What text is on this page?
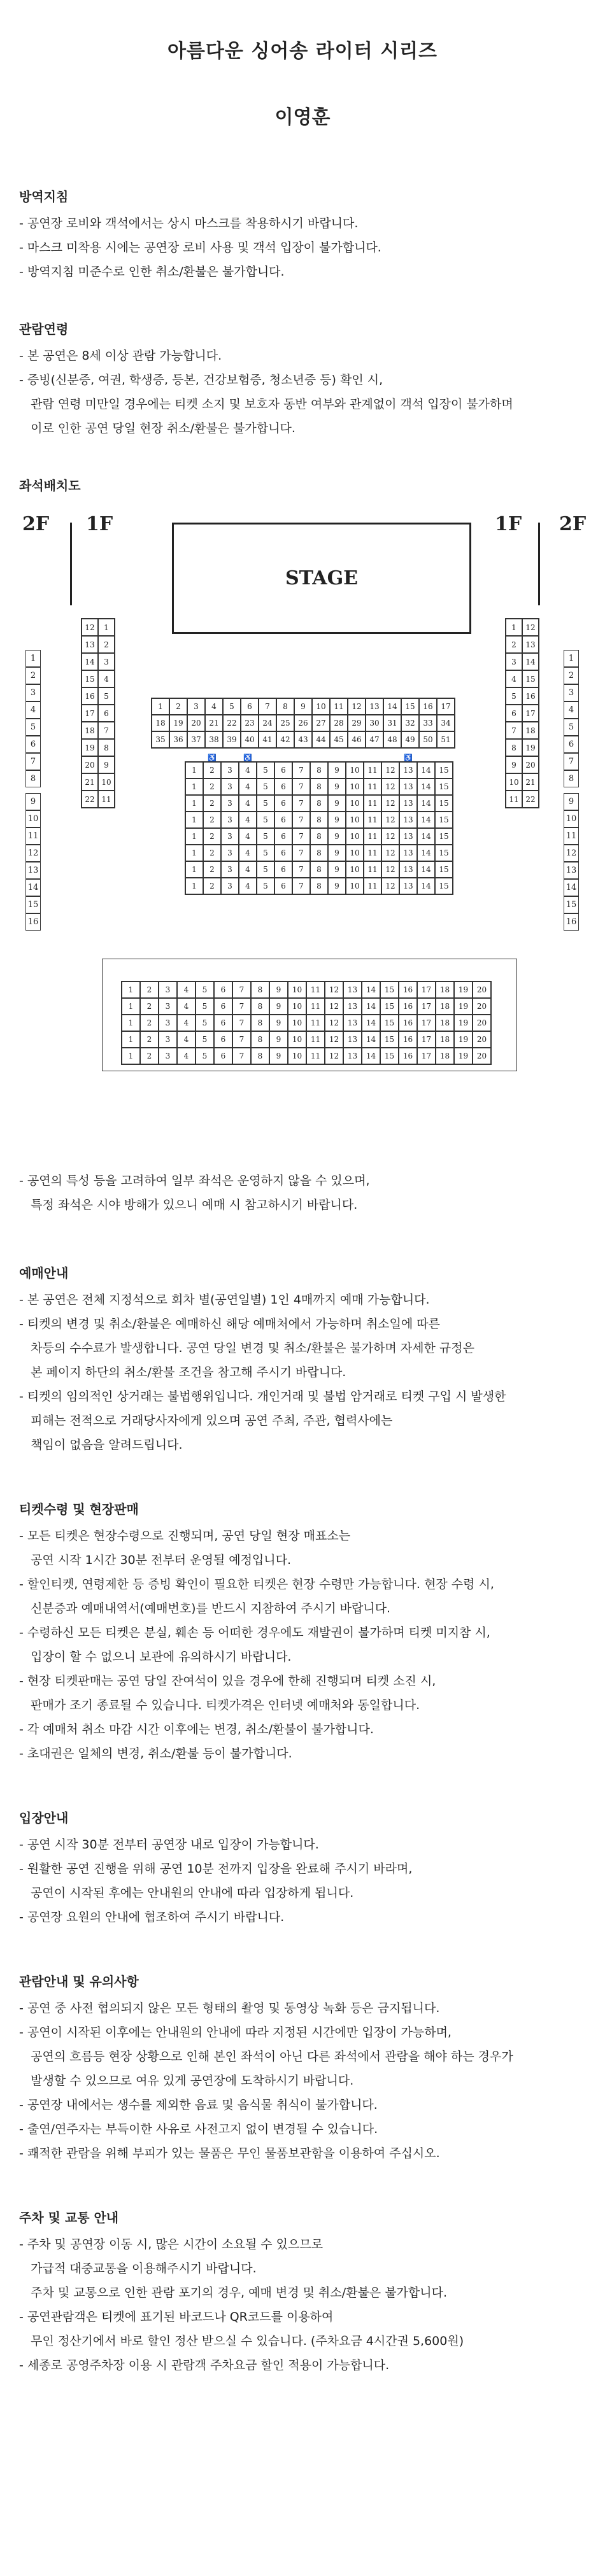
아름다운 싱어송 라이터 시리즈
이영훈
방역지침
- 공연장 로비와 객석에서는 상시 마스크를 착용하시기 바랍니다.
- 마스크 미착용 시에는 공연장 로비 사용 및 객석 입장이 불가합니다.
- 방역지침 미준수로 인한 취소/환불은 불가합니다.
관람연령
- 본 공연은 8세 이상 관람 가능합니다.
- 증빙(신분증, 여권, 학생증, 등본, 건강보험증, 청소년증 등) 확인 시,
관람 연령 미만일 경우에는 티켓 소지 및 보호자 동반 여부와 관계없이 객석 입장이 불가하며
이로 인한 공연 당일 현장 취소/환불은 불가합니다.
좌석배치도
2F 1F	1F 2F
STAGE
1
2
3
4
5
6
7
8
9
10
11
12
13
14
15
16
1
2
3
4
5
6
7
8
9
10
11
12
13
14
15
16
12	1
13	2
14	3
15	4
16	5
17	6
18	7
19	8
20	9
21 10
22 11
1	12
2	13
3	14
4	15
5	16
6	17
7	18
8	19
9	20
10 21
11 22
1	2	3	4	5	6	7	8	9	10	11	12	13	14	15	16	17
18	19	20	21	22	23	24	25	26	27	28	29	30	31	32	33	34
35	36	37	38	39	40	41	42	43	44	45	46	47	48	49	50	51
1	♿ 2	3	♿ 4	5	6	7	8	9	10	11	12	♿ 13	14	15
1	2	3	4	5	6	7	8	9	10	11	12	13	14	15
1	2	3	4	5	6	7	8	9	10	11	12	13	14	15
1	2	3	4	5	6	7	8	9	10	11	12	13	14	15
1	2	3	4	5	6	7	8	9	10	11	12	13	14	15
1	2	3	4	5	6	7	8	9	10	11	12	13	14	15
1	2	3	4	5	6	7	8	9	10	11	12	13	14	15
1	2	3	4	5	6	7	8	9	10	11	12	13	14	15
1	2	3	4	5	6	7	8	9	10	11	12	13	14	15	16	17	18	19	20
1	2	3	4	5	6	7	8	9	10	11	12	13	14	15	16	17	18	19	20
1	2	3	4	5	6	7	8	9	10	11	12	13	14	15	16	17	18	19	20
1	2	3	4	5	6	7	8	9	10	11	12	13	14	15	16	17	18	19	20
1	2	3	4	5	6	7	8	9	10	11	12	13	14	15	16	17	18	19	20
- 공연의 특성 등을 고려하여 일부 좌석은 운영하지 않을 수 있으며,
특정 좌석은 시야 방해가 있으니 예매 시 참고하시기 바랍니다.
예매안내
- 본 공연은 전체 지정석으로 회차 별(공연일별) 1인 4매까지 예매 가능합니다.
- 티켓의 변경 및 취소/환불은 예매하신 해당 예매처에서 가능하며 취소일에 따른
차등의 수수료가 발생합니다. 공연 당일 변경 및 취소/환불은 불가하며 자세한 규정은
본 페이지 하단의 취소/환불 조건을 참고해 주시기 바랍니다.
- 티켓의 임의적인 상거래는 불법행위입니다. 개인거래 및 불법 암거래로 티켓 구입 시 발생한
피해는 전적으로 거래당사자에게 있으며 공연 주최, 주관, 협력사에는
책임이 없음을 알려드립니다.
티켓수령 및 현장판매
- 모든 티켓은 현장수령으로 진행되며, 공연 당일 현장 매표소는
공연 시작 1시간 30분 전부터 운영될 예정입니다.
- 할인티켓, 연령제한 등 증빙 확인이 필요한 티켓은 현장 수령만 가능합니다. 현장 수령 시,
신분증과 예매내역서(예매번호)를 반드시 지참하여 주시기 바랍니다.
- 수령하신 모든 티켓은 분실, 훼손 등 어떠한 경우에도 재발권이 불가하며 티켓 미지참 시,
입장이 할 수 없으니 보관에 유의하시기 바랍니다.
- 현장 티켓판매는 공연 당일 잔여석이 있을 경우에 한해 진행되며 티켓 소진 시,
판매가 조기 종료될 수 있습니다. 티켓가격은 인터넷 예매처와 동일합니다.
- 각 예매처 취소 마감 시간 이후에는 변경, 취소/환불이 불가합니다.
- 초대권은 일체의 변경, 취소/환불 등이 불가합니다.
입장안내
- 공연 시작 30분 전부터 공연장 내로 입장이 가능합니다.
- 원활한 공연 진행을 위해 공연 10분 전까지 입장을 완료해 주시기 바라며,
공연이 시작된 후에는 안내원의 안내에 따라 입장하게 됩니다.
- 공연장 요원의 안내에 협조하여 주시기 바랍니다.
관람안내 및 유의사항
- 공연 중 사전 협의되지 않은 모든 형태의 촬영 및 동영상 녹화 등은 금지됩니다.
- 공연이 시작된 이후에는 안내원의 안내에 따라 지정된 시간에만 입장이 가능하며,
공연의 흐름등 현장 상황으로 인해 본인 좌석이 아닌 다른 좌석에서 관람을 해야 하는 경우가
발생할 수 있으므로 여유 있게 공연장에 도착하시기 바랍니다.
- 공연장 내에서는 생수를 제외한 음료 및 음식물 취식이 불가합니다.
- 출연/연주자는 부득이한 사유로 사전고지 없이 변경될 수 있습니다.
- 쾌적한 관람을 위해 부피가 있는 물품은 무인 물품보관함을 이용하여 주십시오.
주차 및 교통 안내
- 주차 및 공연장 이동 시, 많은 시간이 소요될 수 있으므로
가급적 대중교통을 이용해주시기 바랍니다.
주차 및 교통으로 인한 관람 포기의 경우, 예매 변경 및 취소/환불은 불가합니다.
- 공연관람객은 티켓에 표기된 바코드나 QR코드를 이용하여
무인 정산기에서 바로 할인 정산 받으실 수 있습니다. (주차요금 4시간권 5,600원)
- 세종로 공영주차장 이용 시 관람객 주차요금 할인 적용이 가능합니다.
